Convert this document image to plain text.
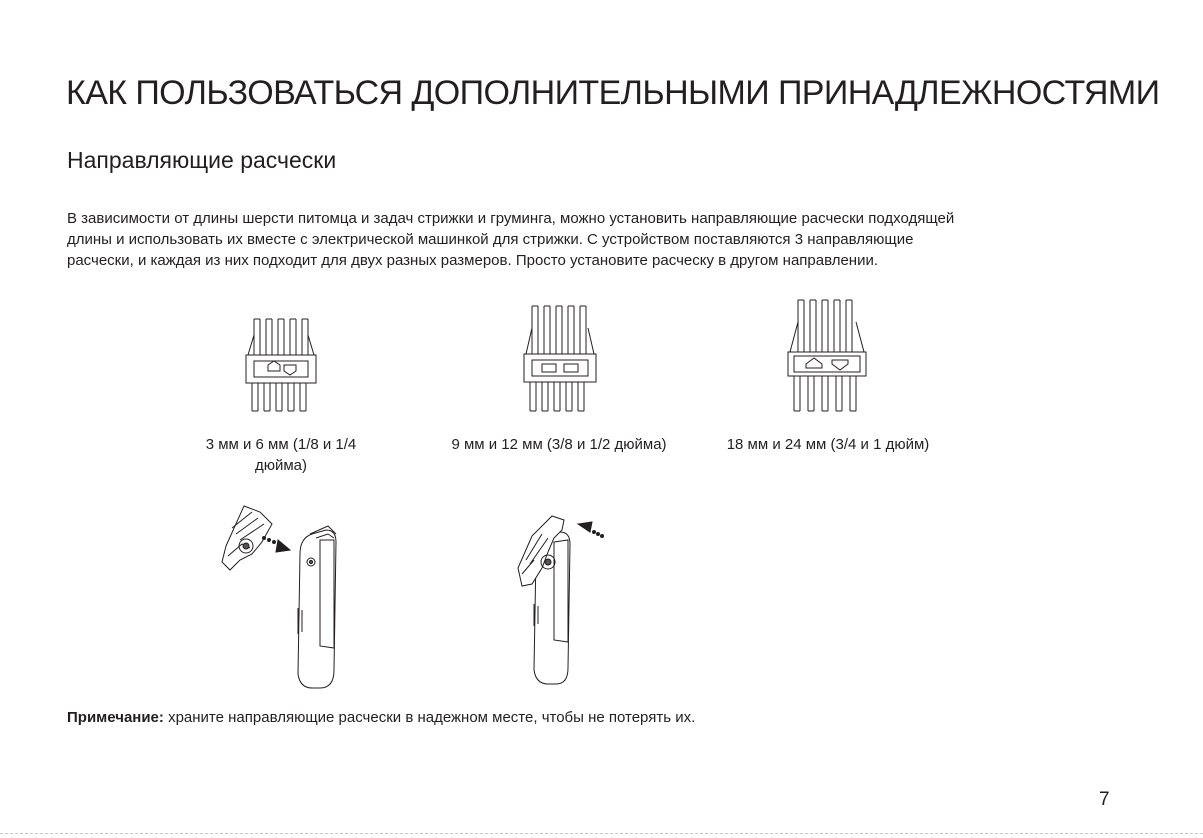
КАК ПОЛЬЗОВАТЬСЯ ДОПОЛНИТЕЛЬНЫМИ ПРИНАДЛЕЖНОСТЯМИ
Направляющие расчески

В зависимости от длины шерсти питомца и задач стрижки и груминга, можно установить направляющие расчески подходящей
длины и использовать их вместе с электрической машинкой для стрижки. С устройством поставляются 3 направляющие
расчески, и каждая из них подходит для двух разных размеров. Просто установите расческу в другом направлении.

3 мм и 6 мм (1/8 и 1/4
дюйма)
9 мм и 12 мм (3/8 и 1/2 дюйма)	18 мм и 24 мм (3/4 и 1 дюйм)
Примечание: храните направляющие расчески в надежном месте, чтобы не потерять их.
7
